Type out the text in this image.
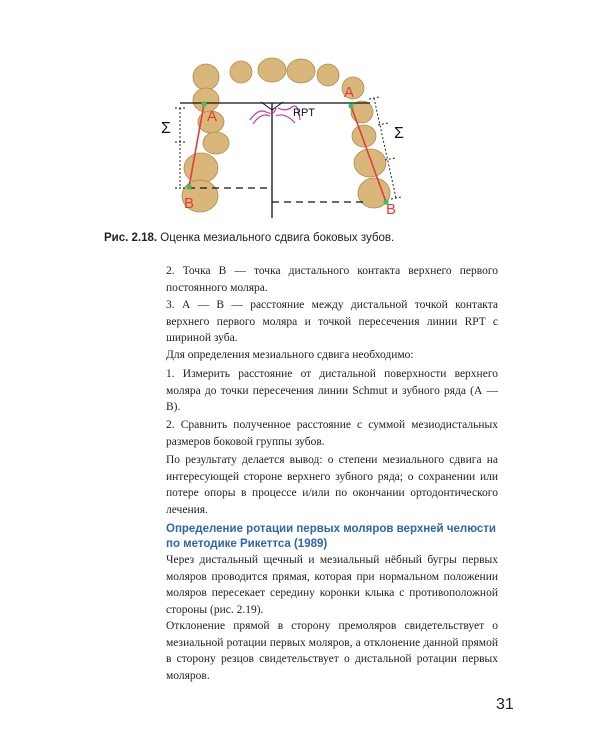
A
A
B	B
Σ	Σ
RPT
Рис. 2.18. Оценка мезиального сдвига боковых зубов.

2. Точка В — точка дистального контакта верхнего первого постоянного моляра.

3. А — В — расстояние между дистальной точкой контакта верхнего первого моляра и точкой пересечения линии RPT с шириной зуба.

Для определения мезиального сдвига необходимо:

1. Измерить расстояние от дистальной поверхности верхнего моляра до точки пересечения линии Schmut и зубного ряда (А — В).

2. Сравнить полученное расстояние с суммой мезиодистальных размеров боковой группы зубов.

По результату делается вывод: о степени мезиального сдвига на интересующей стороне верхнего зубного ряда; о сохранении или потере опоры в процессе и/или по окончании ортодонтического лечения.

Определение ротации первых моляров верхней челюсти по методике Рикеттса (1989)

Через дистальный щечный и мезиальный нёбный бугры первых моляров проводится прямая, которая при нормальном положении моляров пересекает середину коронки клыка с противоположной стороны (рис. 2.19).

Отклонение прямой в сторону премоляров свидетельствует о мезиальной ротации первых моляров, а отклонение данной прямой в сторону резцов свидетельствует о дистальной ротации первых моляров.

31
